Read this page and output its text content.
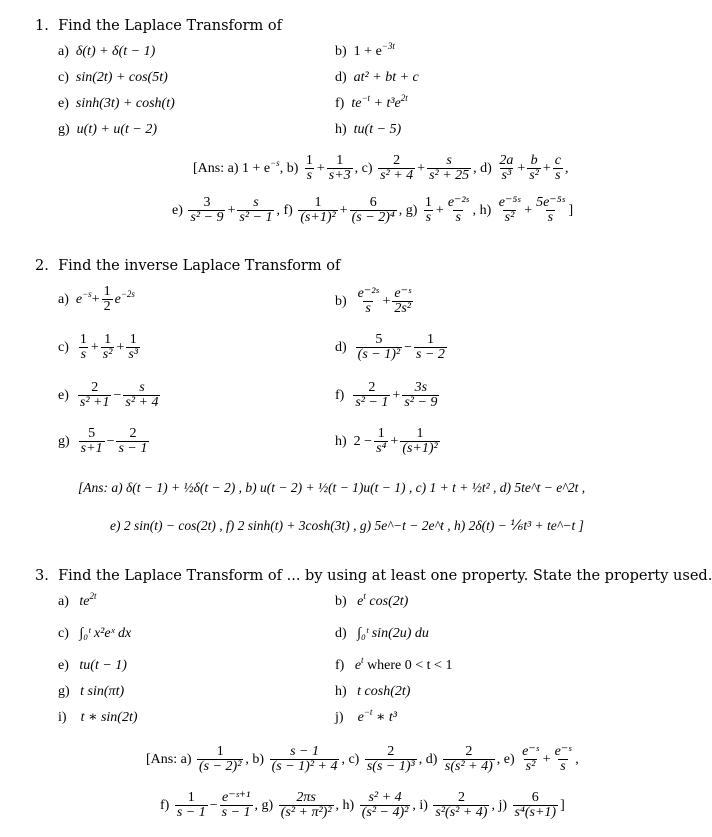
1. Find the Laplace Transform of
a) δ(t) + δ(t − 1)
c) sin(2t) + cos(5t)
e) sinh(3t) + cosh(t)
g) u(t) + u(t − 2)
b) $1 + e^{-3t}$
d) at² + bt + c
f) $te^{-t} + t^3e^{2t}$
h) tu(t − 5)
[Ans: a) $1 + e^{-s}$, $b) \frac{1}{s} + \frac{1}{s+3}$ , $c) \frac{2}{\text{s² + 4}} + \frac{s}{\text{s² + 25}}$ , $d) \frac{2a}{\text{s³}} + \frac{b}{\text{s²}} + \frac{c}{s}$ ,
$e) \frac{3}{\text{s² − 9}} + \frac{s}{\text{s² − 1}}$ , $f) \frac{1}{\text{(s+1)²}} + \frac{6}{\text{(s − 2)⁴}}$ , $g) \frac{1}{s} + \frac{\text{e⁻²ˢ}}{s}$ , $h) \frac{\text{e⁻⁵ˢ}}{\text{s²}} + \frac{\text{5e⁻⁵ˢ}}{s}$ ]
2. Find the inverse Laplace Transform of
a) $e^{-s}+ \frac{1}{2} e^{-2s}$
$c) \frac{1}{s} + \frac{1}{\text{s²}} + \frac{1}{\text{s³}}$
$e) \frac{2}{\text{s² +1}} - \frac{s}{\text{s² + 4}}$
$g) \frac{5}{s+1} - \frac{2}{s - 1}$
$b) \frac{\text{e⁻²ˢ}}{s} + \frac{\text{e⁻ˢ}}{\text{2s²}}$
$d) \frac{5}{\text{(s − 1)²}} - \frac{1}{s - 2}$
$f) \frac{2}{\text{s² − 1}} + \frac{3s}{\text{s² − 9}}$
h) $2 - \frac{1}{\text{s⁴}} + \frac{1}{\text{(s+1)²}}$
[Ans: a) δ(t − 1) + ½δ(t − 2) , b) u(t − 2) + ½(t − 1)u(t − 1) , c) 1 + t + ½t² , d) 5te^t − e^2t ,
e) 2 sin(t) − cos(2t) , f) 2 sinh(t) + 3cosh(3t) , g) 5e^−t − 2e^t , h) 2δ(t) − ⅙t³ + te^−t ]
3. Find the Laplace Transform of ... by using at least one property. State the property used.
a) $te^{2t}$
c) ∫₀ᵗ x²eˣ dx
e) tu(t − 1)
g) t sin(πt)
i) t ∗ sin(2t)
b) $e^t$ cos(2t)
d) ∫₀ᵗ sin(2u) du
f) $e^t$ where 0 < t < 1
h) t cosh(2t)
j) $e^{-t}$ ∗ t³
[Ans: $a) \frac{1}{\text{(s − 2)²}}$ , $b) \frac{s - 1}{\text{(s − 1)² + 4}}$ , $c) \frac{2}{\text{s(s − 1)³}}$ , $d) \frac{2}{\text{s(s² + 4)}}$ , $e) \frac{\text{e⁻ˢ}}{\text{s²}} + \frac{\text{e⁻ˢ}}{s}$ ,
$f) \frac{1}{s - 1} - \frac{\text{e⁻ˢ⁺¹}}{s - 1}$ , $g) \frac{2\pi s}{\text{(s² + π²)²}}$ , $h) \frac{\text{s² + 4}}{\text{(s² − 4)²}}$ , $i) \frac{2}{\text{s²(s² + 4)}}$ , $j) \frac{6}{\text{s⁴(s+1)}}$ ]
